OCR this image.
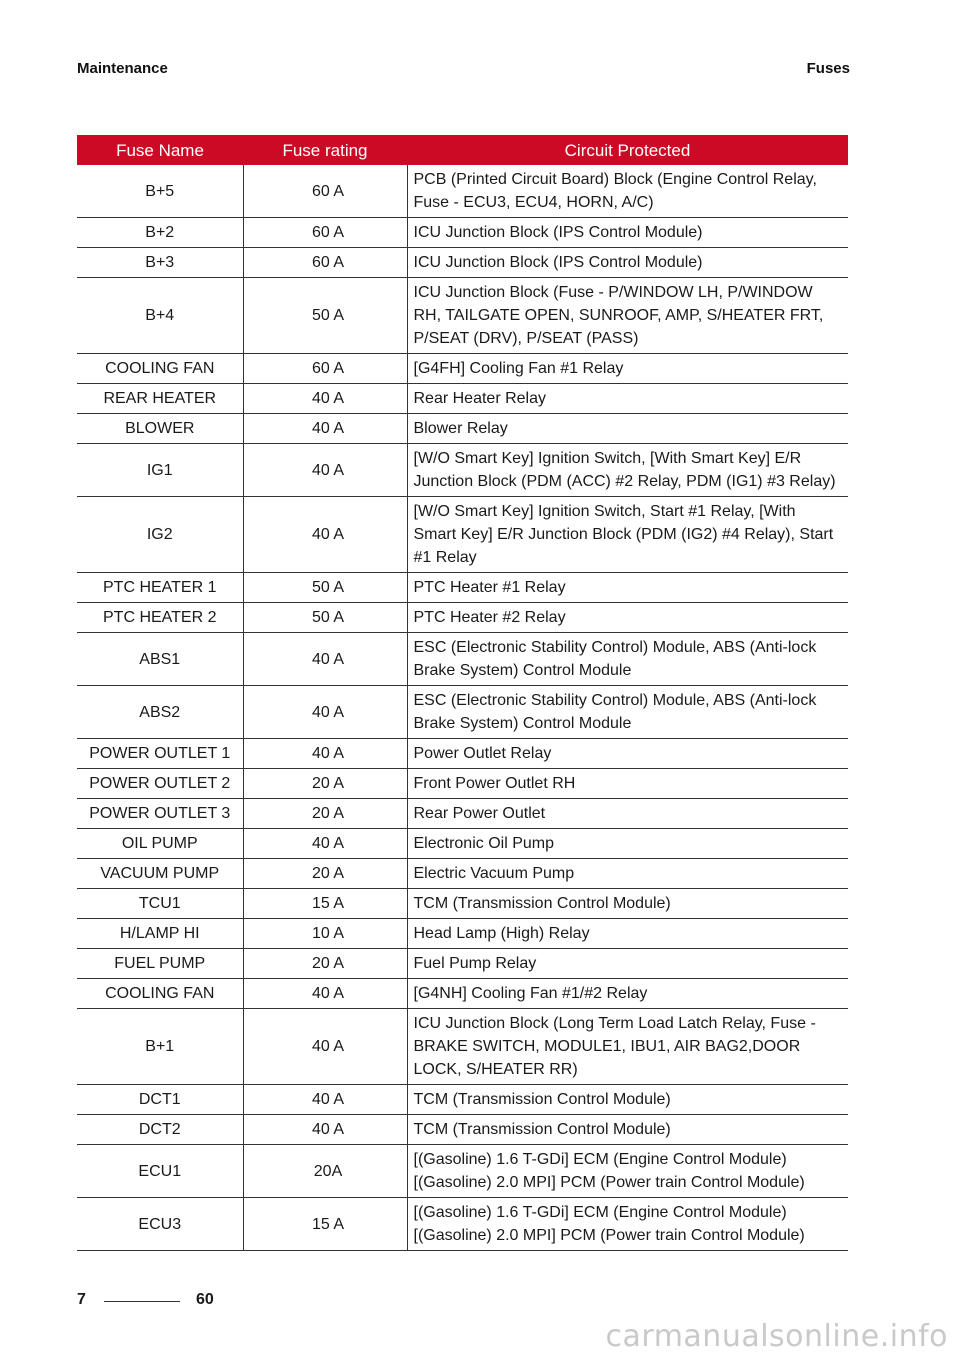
Maintenance	Fuses
Fuse Name	Fuse rating	Circuit Protected
B+5	60 A	PCB (Printed Circuit Board) Block (Engine Control Relay, Fuse - ECU3, ECU4, HORN, A/C)
B+2	60 A	ICU Junction Block (IPS Control Module)
B+3	60 A	ICU Junction Block (IPS Control Module)
B+4	50 A	ICU Junction Block (Fuse - P/WINDOW LH, P/WINDOW RH, TAILGATE OPEN, SUNROOF, AMP, S/HEATER FRT, P/SEAT (DRV), P/SEAT (PASS)
COOLING FAN	60 A	[G4FH] Cooling Fan #1 Relay
REAR HEATER	40 A	Rear Heater Relay
BLOWER	40 A	Blower Relay
IG1	40 A	[W/O Smart Key] Ignition Switch, [With Smart Key] E/R Junction Block (PDM (ACC) #2 Relay, PDM (IG1) #3 Relay)
IG2	40 A	[W/O Smart Key] Ignition Switch, Start #1 Relay, [With Smart Key] E/R Junction Block (PDM (IG2) #4 Relay), Start #1 Relay
PTC HEATER 1	50 A	PTC Heater #1 Relay
PTC HEATER 2	50 A	PTC Heater #2 Relay
ABS1	40 A	ESC (Electronic Stability Control) Module, ABS (Anti-lock Brake System) Control Module
ABS2	40 A	ESC (Electronic Stability Control) Module, ABS (Anti-lock Brake System) Control Module
POWER OUTLET 1	40 A	Power Outlet Relay
POWER OUTLET 2	20 A	Front Power Outlet RH
POWER OUTLET 3	20 A	Rear Power Outlet
OIL PUMP	40 A	Electronic Oil Pump
VACUUM PUMP	20 A	Electric Vacuum Pump
TCU1	15 A	TCM (Transmission Control Module)
H/LAMP HI	10 A	Head Lamp (High) Relay
FUEL PUMP	20 A	Fuel Pump Relay
COOLING FAN	40 A	[G4NH] Cooling Fan #1/#2 Relay
B+1	40 A	ICU Junction Block (Long Term Load Latch Relay, Fuse - BRAKE SWITCH, MODULE1, IBU1, AIR BAG2,DOOR LOCK, S/HEATER RR)
DCT1	40 A	TCM (Transmission Control Module)
DCT2	40 A	TCM (Transmission Control Module)
ECU1	20A	[(Gasoline) 1.6 T-GDi] ECM (Engine Control Module) [(Gasoline) 2.0 MPI] PCM (Power train Control Module)
ECU3	15 A	[(Gasoline) 1.6 T-GDi] ECM (Engine Control Module) [(Gasoline) 2.0 MPI] PCM (Power train Control Module)
7	60
carmanualsonline.info
